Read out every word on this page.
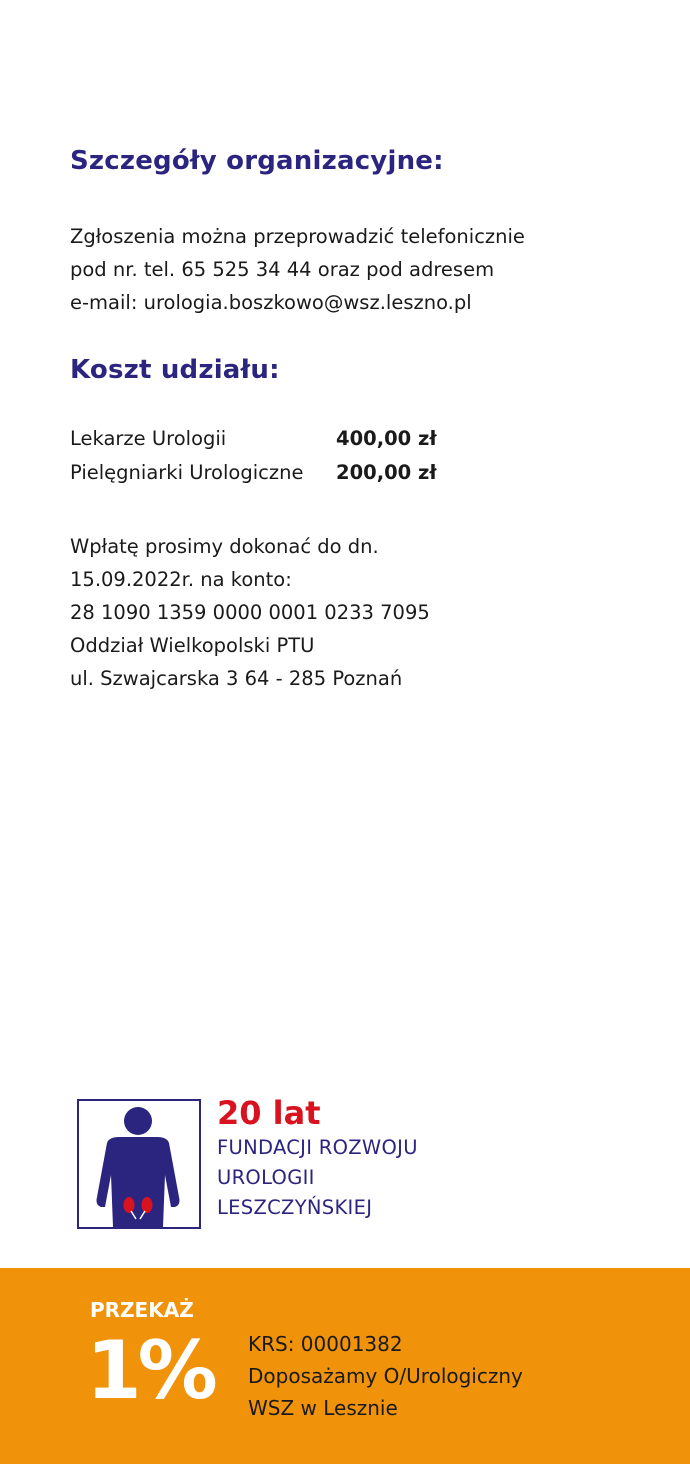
Szczegóły organizacyjne:

Zgłoszenia można przeprowadzić telefonicznie
pod nr. tel. 65 525 34 44 oraz pod adresem
e-mail: urologia.boszkowo@wsz.leszno.pl

Koszt udziału:
Lekarze Urologii	400,00 zł
Pielęgniarki Urologiczne 200,00 zł

Wpłatę prosimy dokonać do dn.
15.09.2022r. na konto:
28 1090 1359 0000 0001 0233 7095
Oddział Wielkopolski PTU
ul. Szwajcarska 3 64 - 285 Poznań

20 lat
FUNDACJI ROZWOJU
UROLOGII
LESZCZYŃSKIEJ
PRZEKAŻ
1% KRS: 00001382
Doposażamy O/Urologiczny
WSZ w Lesznie
